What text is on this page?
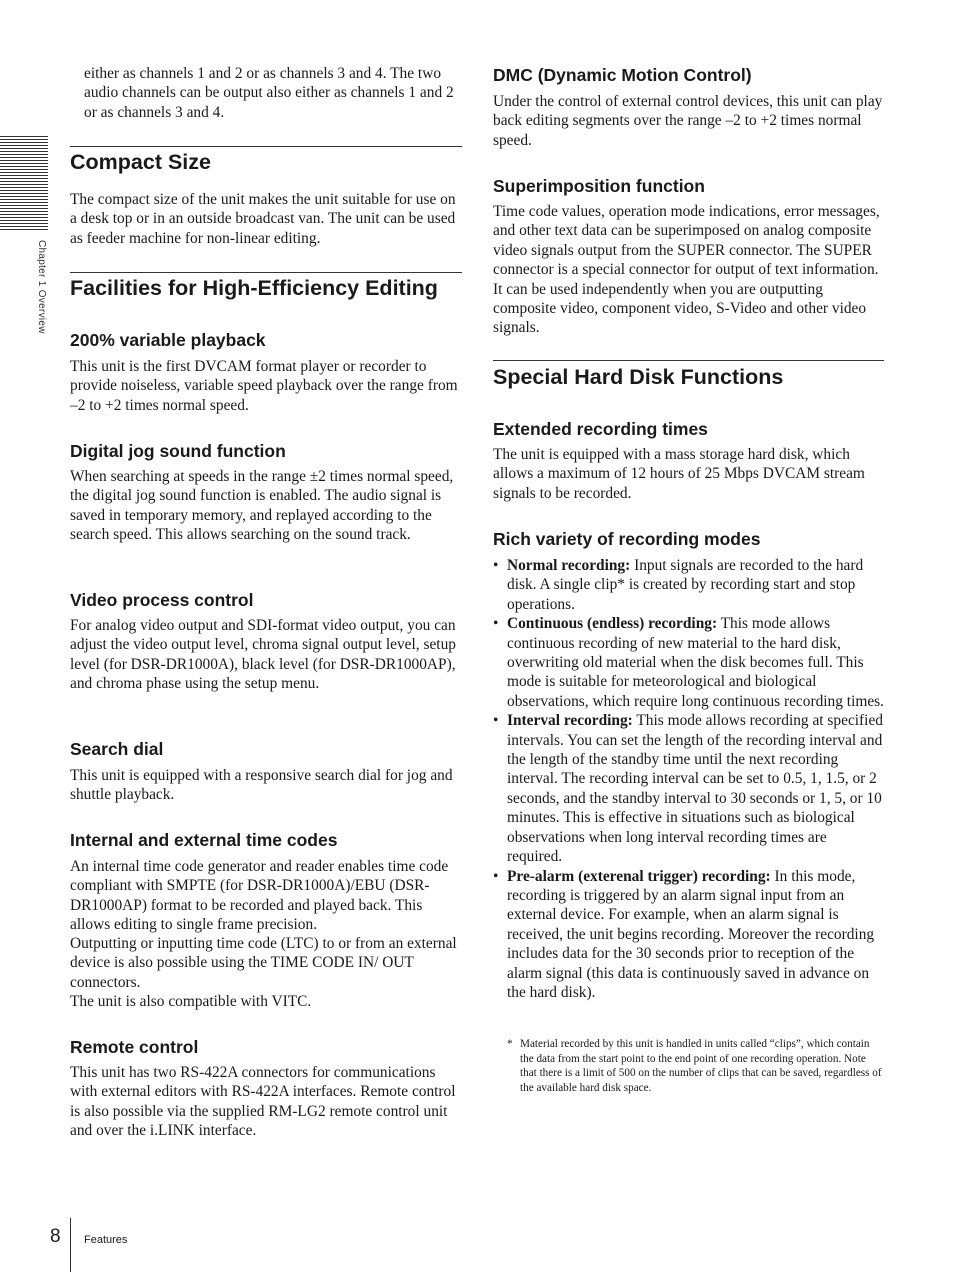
Chapter 1 Overview

either as channels 1 and 2 or as channels 3 and 4. The two audio channels can be output also either as channels 1 and 2 or as channels 3 and 4.

Compact Size

The compact size of the unit makes the unit suitable for use on a desk top or in an outside broadcast van. The unit can be used as feeder machine for non-linear editing.

Facilities for High-Efficiency Editing
200% variable playback

This unit is the first DVCAM format player or recorder to provide noiseless, variable speed playback over the range from –2 to +2 times normal speed.

Digital jog sound function

When searching at speeds in the range ±2 times normal speed, the digital jog sound function is enabled. The audio signal is saved in temporary memory, and replayed according to the search speed. This allows searching on the sound track.

Video process control

For analog video output and SDI-format video output, you can adjust the video output level, chroma signal output level, setup level (for DSR-DR1000A), black level (for DSR-DR1000AP), and chroma phase using the setup menu.

Search dial

This unit is equipped with a responsive search dial for jog and shuttle playback.

Internal and external time codes

An internal time code generator and reader enables time code compliant with SMPTE (for DSR-DR1000A)/EBU (DSR-DR1000AP) format to be recorded and played back. This allows editing to single frame precision.

Outputting or inputting time code (LTC) to or from an external device is also possible using the TIME CODE IN/ OUT connectors.

The unit is also compatible with VITC.

Remote control

This unit has two RS-422A connectors for communications with external editors with RS-422A interfaces. Remote control is also possible via the supplied RM-LG2 remote control unit and over the i.LINK interface.

DMC (Dynamic Motion Control)

Under the control of external control devices, this unit can play back editing segments over the range –2 to +2 times normal speed.

Superimposition function

Time code values, operation mode indications, error messages, and other text data can be superimposed on analog composite video signals output from the SUPER connector. The SUPER connector is a special connector for output of text information. It can be used independently when you are outputting composite video, component video, S-Video and other video signals.

Special Hard Disk Functions
Extended recording times

The unit is equipped with a mass storage hard disk, which allows a maximum of 12 hours of 25 Mbps DVCAM stream signals to be recorded.

Rich variety of recording modes
• Normal recording: Input signals are recorded to the hard disk. A single clip* is created by recording start and stop operations.
• Continuous (endless) recording: This mode allows continuous recording of new material to the hard disk, overwriting old material when the disk becomes full. This mode is suitable for meteorological and biological observations, which require long continuous recording times.
• Interval recording: This mode allows recording at specified intervals. You can set the length of the recording interval and the length of the standby time until the next recording interval. The recording interval can be set to 0.5, 1, 1.5, or 2 seconds, and the standby interval to 30 seconds or 1, 5, or 10 minutes. This is effective in situations such as biological observations when long interval recording times are required.
• Pre-alarm (exterenal trigger) recording: In this mode, recording is triggered by an alarm signal input from an external device. For example, when an alarm signal is received, the unit begins recording. Moreover the recording includes data for the 30 seconds prior to reception of the alarm signal (this data is continuously saved in advance on the hard disk).
* Material recorded by this unit is handled in units called “clips”, which contain the data from the start point to the end point of one recording operation. Note that there is a limit of 500 on the number of clips that can be saved, regardless of the available hard disk space.
8 Features
